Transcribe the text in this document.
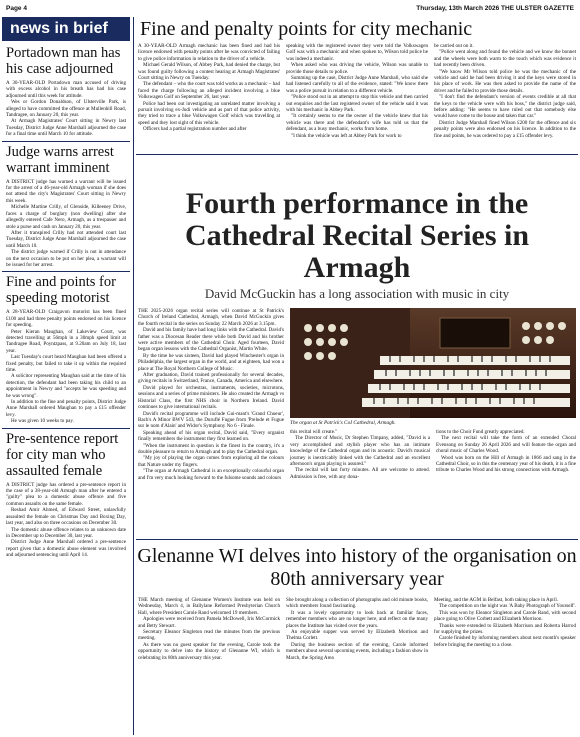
Page 4	Thursday, 13th March 2026 THE ULSTER GAZETTE
news in brief
Portadown man has his case adjourned

A 30-YEAR-OLD Portadown man accused of driving with excess alcohol in his breath has had his case adjourned until this week for attitude.

Wes or Gordon Donaldson, of Ulsterville Park, is alleged to have committed the offence at Mullenhill Road, Tandragee, on January 20, this year.

At Armagh Magistrates' Court sitting in Newry last Tuesday, District Judge Anne Marshall adjourned the case for a final time until March 10 for attitude.

Judge warns arrest warrant imminent

A DISTRICT judge has warned a warrant will be issued for the arrest of a 46-year-old Armagh woman if she does not attend the city's Magistrates' Court sitting in Newry this week.

Michelle Martine Crilly, of Glenside, Killeeney Drive, faces a charge of burglary (non dwelling) after she allegedly entered Cafe Nero, Armagh, as a trespasser and stole a purse and cash on January 20, this year.

After it transpired Crilly had not attended court last Tuesday, District Judge Anne Marshall adjourned the case until March 10.

The district judge warned if Crilly is not in attendance on the next occasion to be put on her plea, a warrant will be issued for her arrest.

Fine and points for speeding motorist

A 28-YEAR-OLD Craigavon motorist has been fined £100 and had three penalty points endorsed on his licence for speeding.

Peter Kieran Maughan, of Lakeview Court, was detected travelling at 56mph in a 30mph speed limit at Tandragee Road, Poyntzpass, at 9.20am on July 18, last year.

Last Tuesday's court heard Maughan had been offered a fixed penalty, but failed to take it up within the required time.

A solicitor representing Maughan said at the time of his detection, the defendant had been taking his child to an appointment in Newry and "accepts he was speeding and he was wrong".

In addition to the fine and penalty points, District Judge Anne Marshall ordered Maughan to pay a £15 offender levy.

He was given 10 weeks to pay.

Pre-sentence report for city man who assaulted female

A DISTRICT judge has ordered a pre-sentence report in the case of a 38-year-old Armagh man after he entered a "guilty" plea to a domestic abuse offence and five common assaults on the same female.

Reshad Amir Ahmed, of Edward Street, unlawfully assaulted the female on Christmas Day and Boxing Day, last year, and also on three occasions on December 30.

The domestic abuse offence relates to an unknown date in December up to December 30, last year.

District Judge Anne Marshall ordered a pre-sentence report given that a domestic abuse element was involved and adjourned sentencing until April 14.

Fine and penalty points for city mechanic

A 30-YEAR-OLD Armagh mechanic has been fined and had his licence endorsed with penalty points after he was convicted of failing to give police information in relation to the driver of a vehicle.

Michael Gerald Wilson, of Abbey Park, had denied the charge, but was found guilty following a contest hearing at Armagh Magistrates' Court sitting in Newry on Tuesday.

The defendant – who the court was told works as a mechanic – had faced the charge following an alleged incident involving a blue Volkswagen Golf on September 26, last year.

Police had been out investigating an unrelated matter involving a pursuit involving ex-Judi vehicle and as part of that police activity, they tried to trace a blue Volkswagen Golf which was travelling at speed and they lost sight of this vehicle.

Officers had a partial registration number and after

speaking with the registered owner they were told the Volkswagen Golf was with a mechanic and when spoken to, Wilson told police he was indeed a mechanic.

When asked who was driving the vehicle, Wilson was unable to provide those details to police.

Summing up the case, District Judge Anne Marshall, who said she had listened carefully to all of the evidence, stated: "We know there was a police pursuit in relation to a different vehicle.

"Police stood out in an attempt to stop this vehicle and then carried out enquiries and the last registered owner of the vehicle said it was with his mechanic in Abbey Park.

"It certainly seems to me the owner of the vehicle knew that his vehicle was there and the defendant's wife has told us that the defendant, as a busy mechanic, works from home.

"I think the vehicle was left at Abbey Park for work to

be carried out on it.

"Police went along and found the vehicle and we know the bonnet and the wheels were both warm to the touch which was evidence it had recently been driven.

"We know Mr Wilson told police he was the mechanic of the vehicle and said he had been driving it and the keys were stored in his place of work. He was then asked to provide the name of the driver and he failed to provide those details.

"I don't find the defendant's version of events credible at all that the keys to the vehicle were with his boss," the district judge said, before adding: "He seems to have ruled out that somebody else would have come to the house and taken that car."

District Judge Marshall fined Wilson £200 for the offence and six penalty points were also endorsed on his licence. In addition to the fine and points, he was ordered to pay a £15 offender levy.

Fourth performance in the Cathedral Recital Series in Armagh
David McGuckin has a long association with music in city

THE 2025-2026 organ recital series will continue at St Patrick's Church of Ireland Cathedral, Armagh, when David McGuckin gives the fourth recital in the series on Sunday 22 March 2026 at 3.15pm.

David and his family have had long links with the Cathedral. David's father was a Diocesan Reader there while both David and his brother were active members of the Cathedral Choir. Aged fourteen, David began organ lessons with the Cathedral Organist, Martin White.

By the time he was sixteen, David had played Winchester's organ in Philadelphia, the largest organ in the world, and at eighteen, had won a place at The Royal Northern College of Music.

After graduation, David trained professionally for several decades, giving recitals in Switzerland, France, Canada, America and elsewhere.

David played for orchestras, instruments, societies, microtons, sessions and a series of prime ministers. He also created the Armagh vs Historial Class, the first NHS choir in Northern Ireland. David continues to give international recitals.

David's recital programme will include Gui-mant's 'Grand Choeur', Bach's A Minor BWV 543, the Duruflé Fugue from 'Prelude et Fugue sur le nom d'Alain' and Widor's Symphony No 6 - Finale.

Speaking ahead of his organ recital, David said, "Every organist finally remembers the instrument they first learned on.

"When the instrument in question is the finest in the country, it's a double pleasure to return to Armagh and to play the Cathedral organ.

"My joy of playing the organ comes from exploring all the colours that Nature under my fingers.

"The organ at Armagh Cathedral is an exceptionally colourful organ and I'm very much looking forward to the fulsome sounds and colours

The organ at St Patrick's CoI Cathedral, Armagh.

this recital will create."

The Director of Music, Dr Stephen Timpany, added, "David is a very accomplished and stylish player who has an intimate knowledge of the Cathedral organ and its acoustic. David's musical journey is inextricably linked with the Cathedral and an excellent afternoon's organ playing is assured."

The recital will last forty minutes. All are welcome to attend. Admission is free, with any dona-

tions to the Choir Fund greatly appreciated.

The next recital will take the form of an extended Choral Evensong on Sunday 26 April 2026 and will feature the organ and choral music of Charles Wood.

Wood was born on the Hill of Armagh in 1866 and sang in the Cathedral Choir, so in this the centenary year of his death, it is a fine tribute to Charles Wood and his strong connections with Armagh.

Glenanne WI delves into history of the organisation on 80th anniversary year

THE March meeting of Glenanne Women's Institute was held on Wednesday, March 4, in Ballylane Reformed Presbyterian Church Hall, where President Carole Rand welcomed 19 members.

Apologies were received from Pamela McDowell, Iris McCormick and Betty Stewart.

Secretary Eleanor Singleton read the minutes from the previous meeting.

As there was no guest speaker for the evening, Carole took the opportunity to delve into the history of Glenanne WI, which is celebrating its 80th anniversary this year.

She brought along a collection of photographs and old minute books, which members found fascinating.

It was a lovely opportunity to look back at familiar faces, remember members who are no longer here, and reflect on the many places the Institute has visited over the years.

An enjoyable supper was served by Elizabeth Morrison and Thelma Corlett.

During the business section of the evening, Carole informed members about several upcoming events, including a fashion show in March, the Spring Area

Meeting, and the AGM in Belfast, both taking place in April.

The competition on the night was 'A Baby Photograph of Yourself'.

This was won by Eleanor Singleton and Carole Rand, with second place going to Olive Corbett and Elizabeth Morrison.

Thanks were extended to Elizabeth Morrison and Roberta Harrod for supplying the prizes.

Carole finished by informing members about next month's speaker before bringing the meeting to a close.
